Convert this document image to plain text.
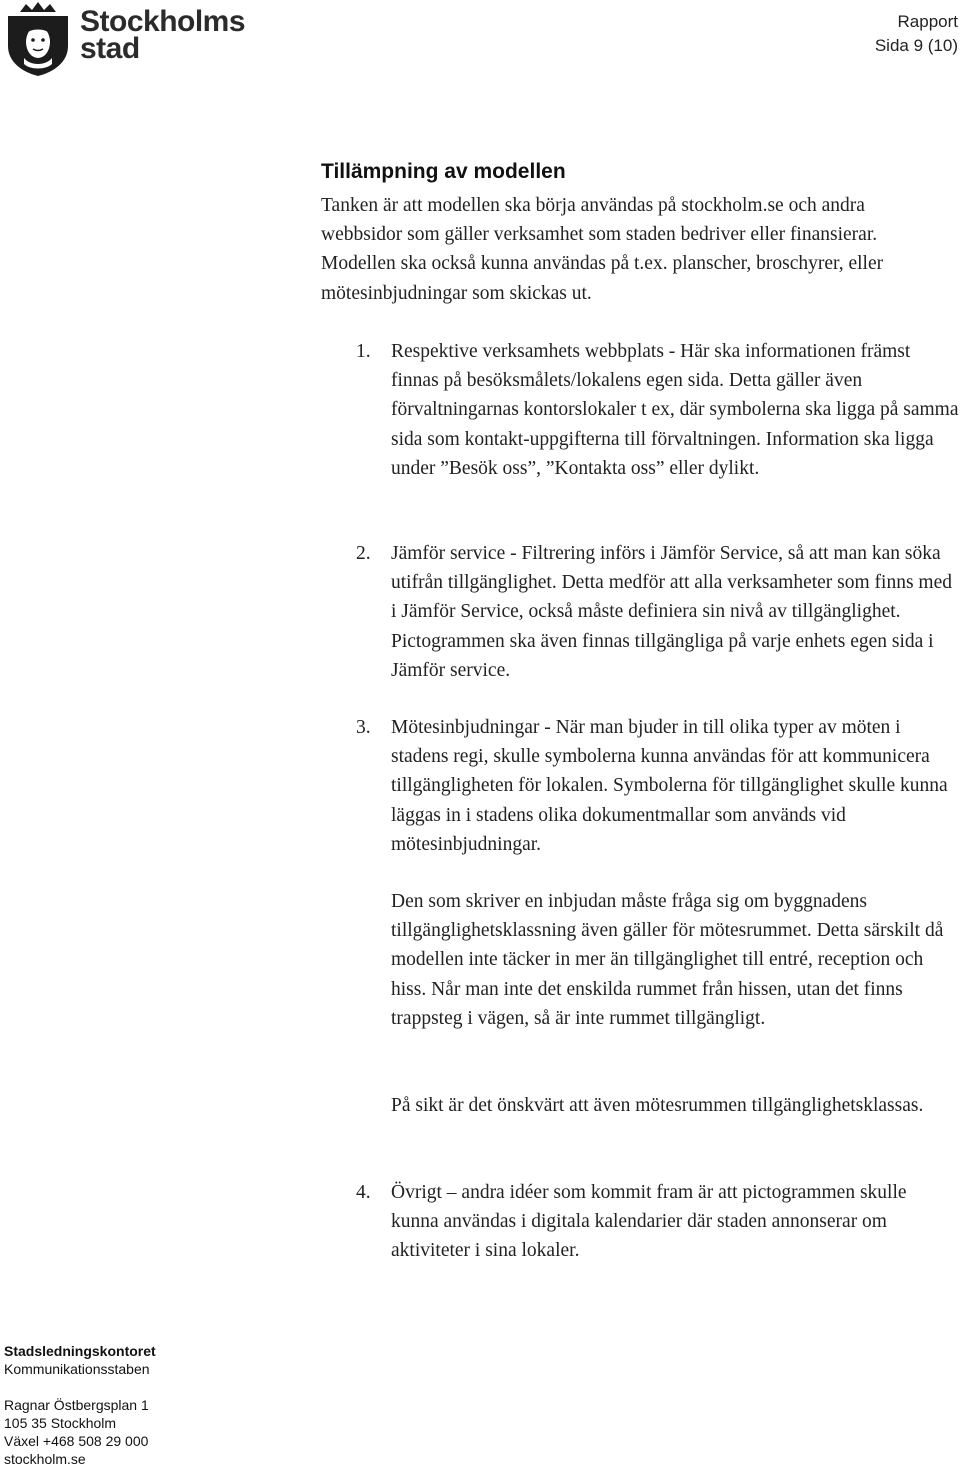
Stockholms
stad
Rapport
Sida 9 (10)
Tillämpning av modellen

Tanken är att modellen ska börja användas på stockholm.se och andra webbsidor som gäller verksamhet som staden bedriver eller finansierar. Modellen ska också kunna användas på t.ex. planscher, broschyrer, eller mötesinbjudningar som skickas ut.

1.	Respektive verksamhets webbplats - Här ska informationen främst finnas på besöksmålets/lokalens egen sida. Detta gäller även förvaltningarnas kontorslokaler t ex, där symbolerna ska ligga på samma sida som kontakt-uppgifterna till förvaltningen. Information ska ligga under ”Besök oss”, ”Kontakta oss” eller dylikt.

2.	Jämför service - Filtrering införs i Jämför Service, så att man kan söka utifrån tillgänglighet. Detta medför att alla verksamheter som finns med i Jämför Service, också måste definiera sin nivå av tillgänglighet. Pictogrammen ska även finnas tillgängliga på varje enhets egen sida i Jämför service.

3.	Mötesinbjudningar - När man bjuder in till olika typer av möten i stadens regi, skulle symbolerna kunna användas för att kommunicera tillgängligheten för lokalen. Symbolerna för tillgänglighet skulle kunna läggas in i stadens olika dokumentmallar som används vid mötesinbjudningar.

Den som skriver en inbjudan måste fråga sig om byggnadens tillgänglighetsklassning även gäller för mötesrummet. Detta särskilt då modellen inte täcker in mer än tillgänglighet till entré, reception och hiss. Når man inte det enskilda rummet från hissen, utan det finns trappsteg i vägen, så är inte rummet tillgängligt.

På sikt är det önskvärt att även mötesrummen tillgänglighetsklassas.

4.	Övrigt – andra idéer som kommit fram är att pictogrammen skulle kunna användas i digitala kalendarier där staden annonserar om aktiviteter i sina lokaler.

Stadsledningskontoret
Kommunikationsstaben
Ragnar Östbergsplan 1
105 35 Stockholm
Växel +468 508 29 000
stockholm.se
